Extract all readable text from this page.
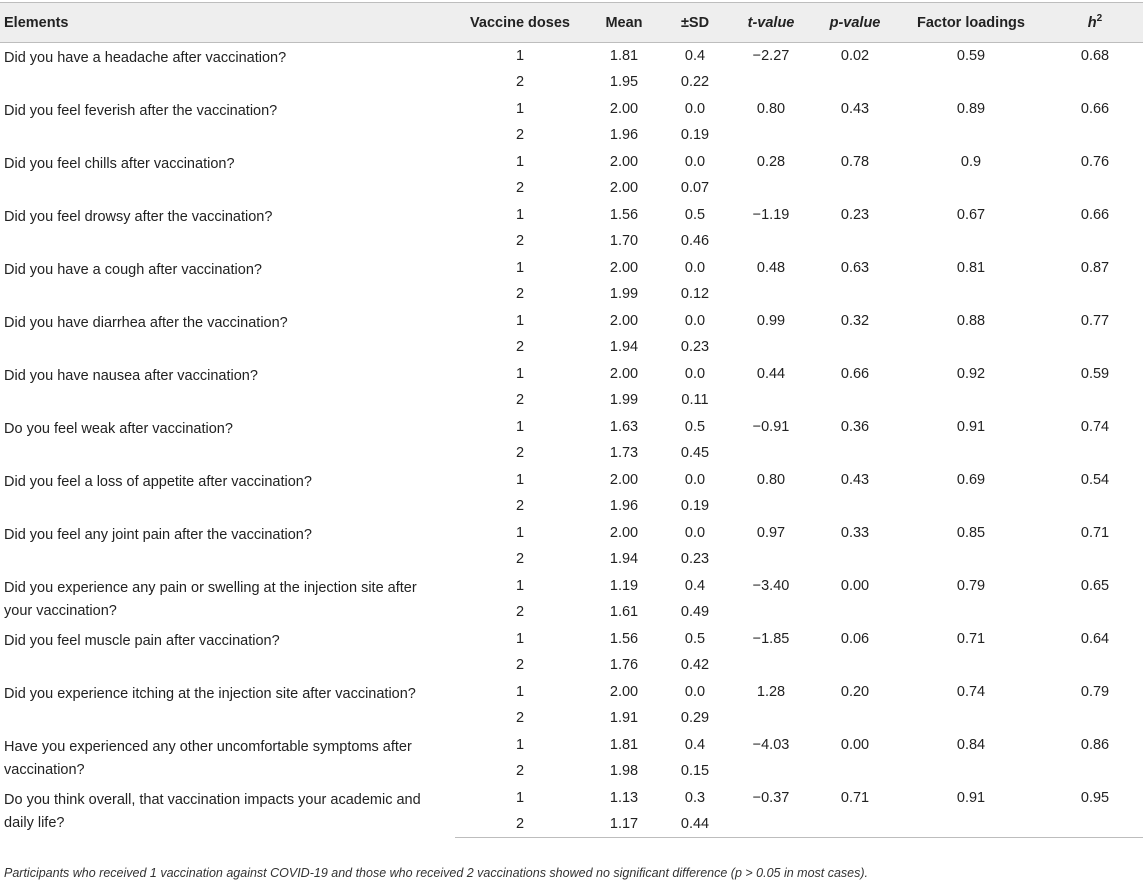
Elements	Vaccine doses	Mean	±SD	t-value	p-value	Factor loadings	$h^2$
Did you have a headache after vaccination?	1	1.81	0.4	−2.27	0.02	0.59	0.68
	2	1.95	0.22				
Did you feel feverish after the vaccination?	1	2.00	0.0	0.80	0.43	0.89	0.66
	2	1.96	0.19				
Did you feel chills after vaccination?	1	2.00	0.0	0.28	0.78	0.9	0.76
	2	2.00	0.07				
Did you feel drowsy after the vaccination?	1	1.56	0.5	−1.19	0.23	0.67	0.66
	2	1.70	0.46				
Did you have a cough after vaccination?	1	2.00	0.0	0.48	0.63	0.81	0.87
	2	1.99	0.12				
Did you have diarrhea after the vaccination?	1	2.00	0.0	0.99	0.32	0.88	0.77
	2	1.94	0.23				
Did you have nausea after vaccination?	1	2.00	0.0	0.44	0.66	0.92	0.59
	2	1.99	0.11				
Do you feel weak after vaccination?	1	1.63	0.5	−0.91	0.36	0.91	0.74
	2	1.73	0.45				
Did you feel a loss of appetite after vaccination?	1	2.00	0.0	0.80	0.43	0.69	0.54
	2	1.96	0.19				
Did you feel any joint pain after the vaccination?	1	2.00	0.0	0.97	0.33	0.85	0.71
	2	1.94	0.23				
Did you experience any pain or swelling at the injection site after your vaccination?	1	1.19	0.4	−3.40	0.00	0.79	0.65
	2	1.61	0.49				
Did you feel muscle pain after vaccination?	1	1.56	0.5	−1.85	0.06	0.71	0.64
	2	1.76	0.42				
Did you experience itching at the injection site after vaccination?	1	2.00	0.0	1.28	0.20	0.74	0.79
	2	1.91	0.29				
Have you experienced any other uncomfortable symptoms after vaccination?	1	1.81	0.4	−4.03	0.00	0.84	0.86
	2	1.98	0.15				
Do you think overall, that vaccination impacts your academic and daily life?	1	1.13	0.3	−0.37	0.71	0.91	0.95
	2	1.17	0.44				
Participants who received 1 vaccination against COVID-19 and those who received 2 vaccinations showed no significant difference (p > 0.05 in most cases).
